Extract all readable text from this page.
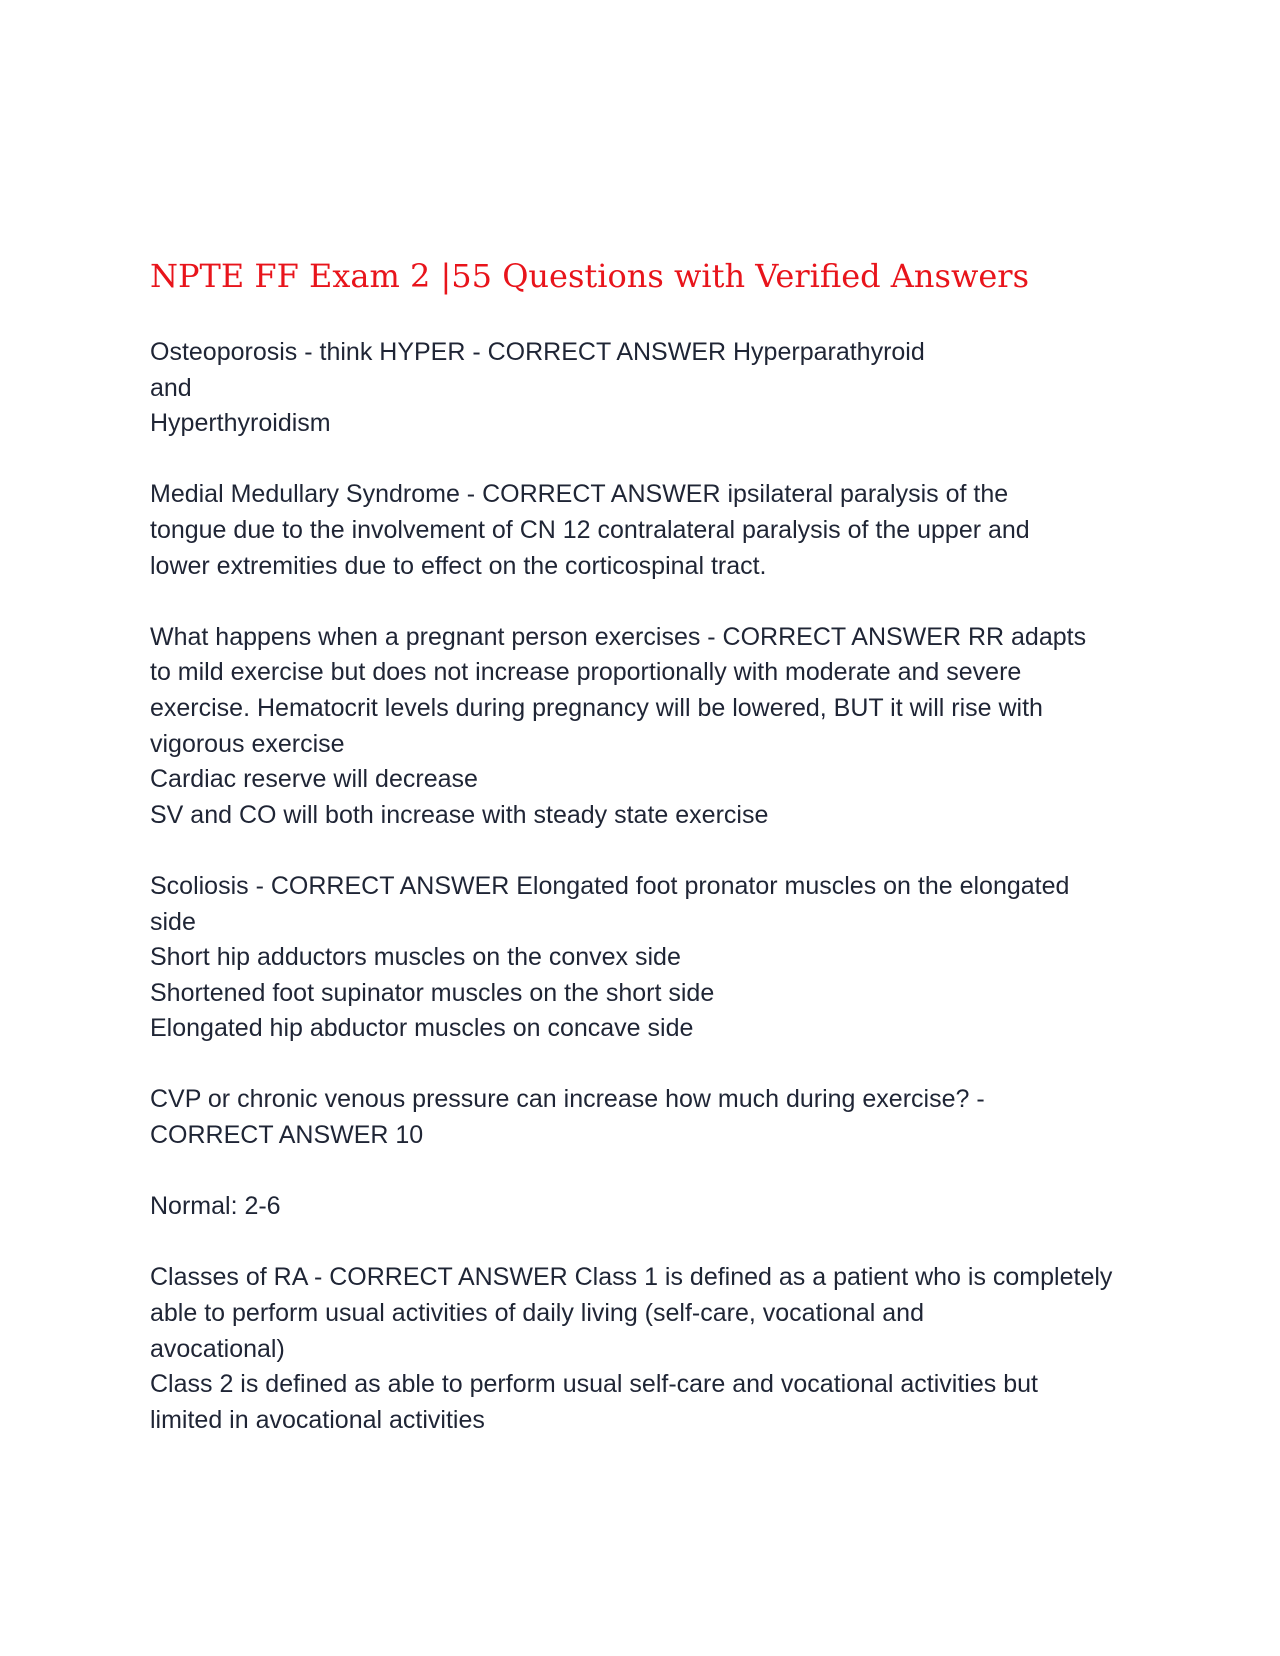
NPTE FF Exam 2 |55 Questions with Verified Answers

Osteoporosis - think HYPER - CORRECT ANSWER Hyperparathyroid
and
Hyperthyroidism

Medial Medullary Syndrome - CORRECT ANSWER ipsilateral paralysis of the
tongue due to the involvement of CN 12 contralateral paralysis of the upper and
lower extremities due to effect on the corticospinal tract.

What happens when a pregnant person exercises - CORRECT ANSWER RR adapts
to mild exercise but does not increase proportionally with moderate and severe
exercise. Hematocrit levels during pregnancy will be lowered, BUT it will rise with
vigorous exercise
Cardiac reserve will decrease
SV and CO will both increase with steady state exercise

Scoliosis - CORRECT ANSWER Elongated foot pronator muscles on the elongated
side
Short hip adductors muscles on the convex side
Shortened foot supinator muscles on the short side
Elongated hip abductor muscles on concave side

CVP or chronic venous pressure can increase how much during exercise? -
CORRECT ANSWER 10

Normal: 2-6

Classes of RA - CORRECT ANSWER Class 1 is defined as a patient who is completely
able to perform usual activities of daily living (self-care, vocational and
avocational)
Class 2 is defined as able to perform usual self-care and vocational activities but
limited in avocational activities
